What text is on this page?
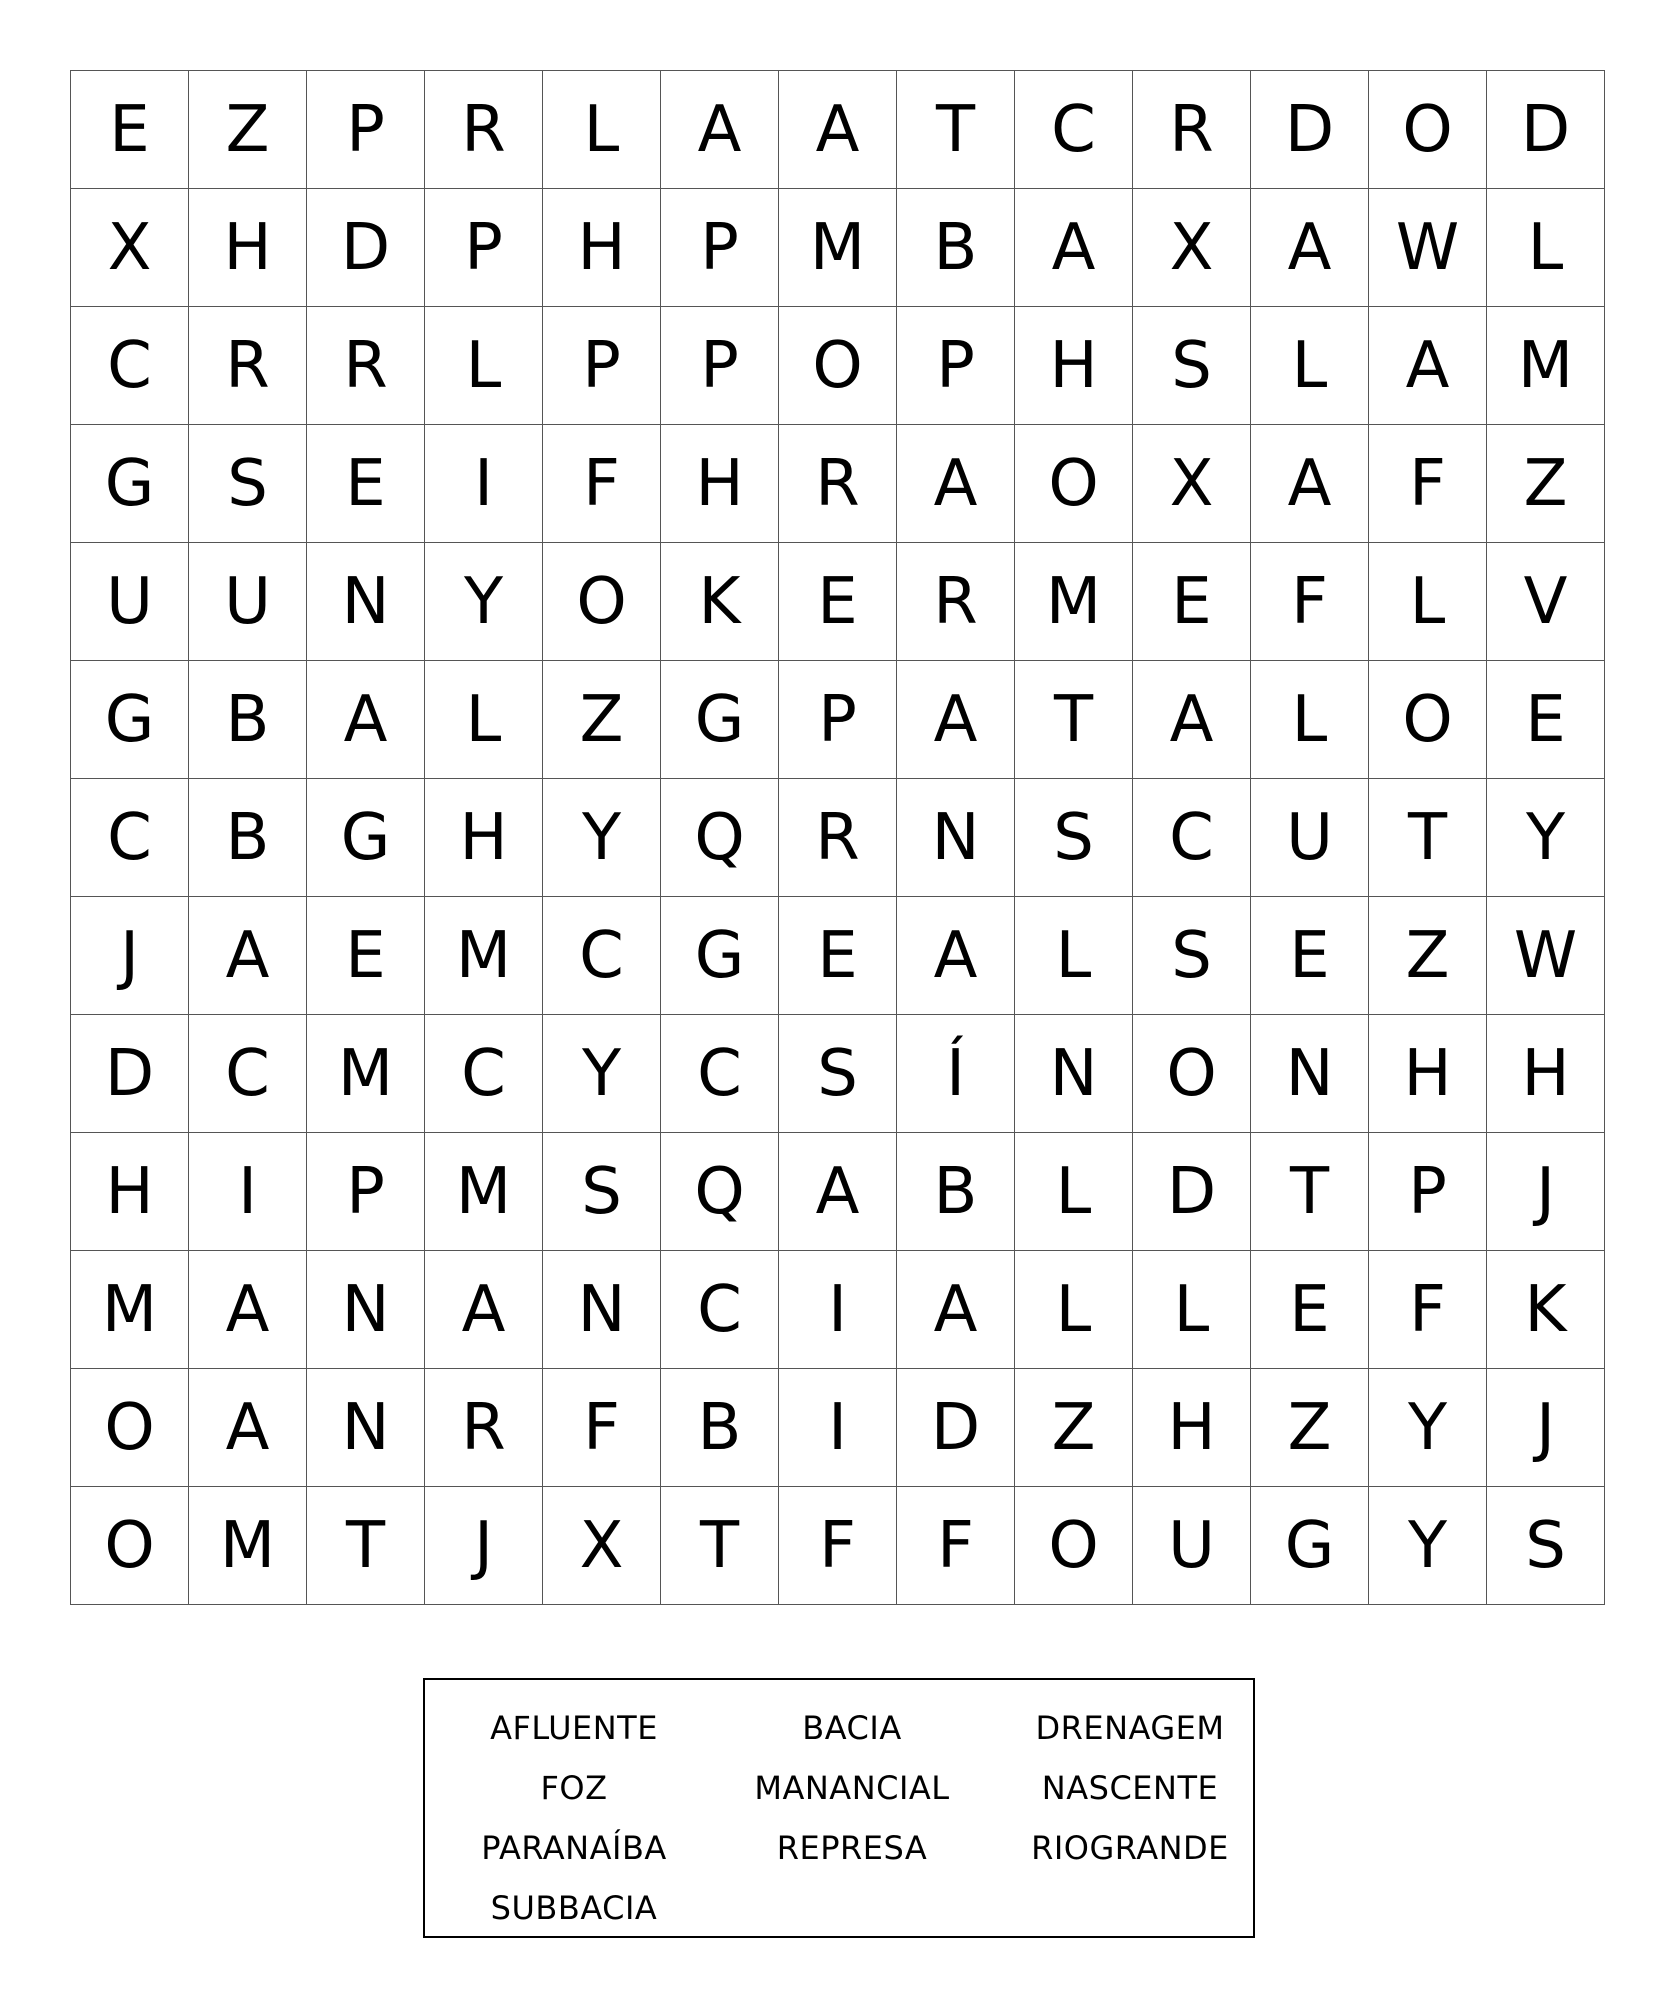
E	Z	P	R	L	A	A	T	C	R	D	O	D
X	H	D	P	H	P	M	B	A	X	A	W	L
C	R	R	L	P	P	O	P	H	S	L	A	M
G	S	E	I	F	H	R	A	O	X	A	F	Z
U	U	N	Y	O	K	E	R	M	E	F	L	V
G	B	A	L	Z	G	P	A	T	A	L	O	E
C	B	G	H	Y	Q	R	N	S	C	U	T	Y
J	A	E	M	C	G	E	A	L	S	E	Z	W
D	C	M	C	Y	C	S	Í	N	O	N	H	H
H	I	P	M	S	Q	A	B	L	D	T	P	J
M	A	N	A	N	C	I	A	L	L	E	F	K
O	A	N	R	F	B	I	D	Z	H	Z	Y	J
O	M	T	J	X	T	F	F	O	U	G	Y	S
AFLUENTE	BACIA	DRENAGEM
FOZ	MANANCIAL	NASCENTE
PARANAÍBA	REPRESA	RIOGRANDE
SUBBACIA
